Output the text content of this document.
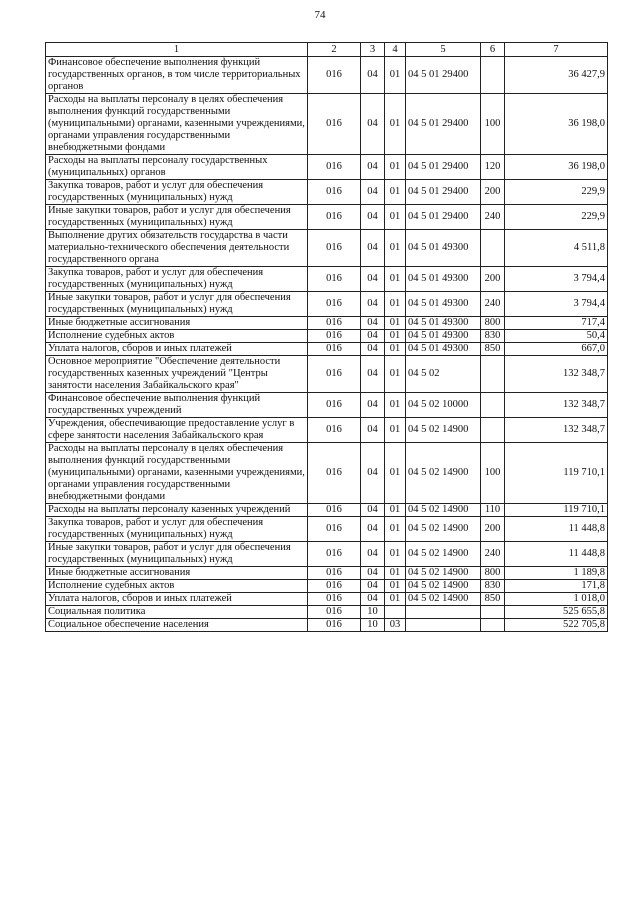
74
1	2	3	4	5	6	7
Финансовое обеспечение выполнения функций государственных органов, в том числе территориальных органов	016	04	01	04 5 01 29400		36 427,9
Расходы на выплаты персоналу в целях обеспечения выполнения функций государственными (муниципальными) органами, казенными учреждениями, органами управления государственными внебюджетными фондами	016	04	01	04 5 01 29400	100	36 198,0
Расходы на выплаты персоналу государственных (муниципальных) органов	016	04	01	04 5 01 29400	120	36 198,0
Закупка товаров, работ и услуг для обеспечения государственных (муниципальных) нужд	016	04	01	04 5 01 29400	200	229,9
Иные закупки товаров, работ и услуг для обеспечения государственных (муниципальных) нужд	016	04	01	04 5 01 29400	240	229,9
Выполнение других обязательств государства в части материально-технического обеспечения деятельности государственного органа	016	04	01	04 5 01 49300		4 511,8
Закупка товаров, работ и услуг для обеспечения государственных (муниципальных) нужд	016	04	01	04 5 01 49300	200	3 794,4
Иные закупки товаров, работ и услуг для обеспечения государственных (муниципальных) нужд	016	04	01	04 5 01 49300	240	3 794,4
Иные бюджетные ассигнования	016	04	01	04 5 01 49300	800	717,4
Исполнение судебных актов	016	04	01	04 5 01 49300	830	50,4
Уплата налогов, сборов и иных платежей	016	04	01	04 5 01 49300	850	667,0
Основное мероприятие "Обеспечение деятельности государственных казенных учреждений "Центры занятости населения Забайкальского края"	016	04	01	04 5 02		132 348,7
Финансовое обеспечение выполнения функций государственных учреждений	016	04	01	04 5 02 10000		132 348,7
Учреждения, обеспечивающие предоставление услуг в сфере занятости населения Забайкальского края	016	04	01	04 5 02 14900		132 348,7
Расходы на выплаты персоналу в целях обеспечения выполнения функций государственными (муниципальными) органами, казенными учреждениями, органами управления государственными внебюджетными фондами	016	04	01	04 5 02 14900	100	119 710,1
Расходы на выплаты персоналу казенных учреждений	016	04	01	04 5 02 14900	110	119 710,1
Закупка товаров, работ и услуг для обеспечения государственных (муниципальных) нужд	016	04	01	04 5 02 14900	200	11 448,8
Иные закупки товаров, работ и услуг для обеспечения государственных (муниципальных) нужд	016	04	01	04 5 02 14900	240	11 448,8
Иные бюджетные ассигнования	016	04	01	04 5 02 14900	800	1 189,8
Исполнение судебных актов	016	04	01	04 5 02 14900	830	171,8
Уплата налогов, сборов и иных платежей	016	04	01	04 5 02 14900	850	1 018,0
Социальная политика	016	10				525 655,8
Социальное обеспечение населения	016	10	03			522 705,8
